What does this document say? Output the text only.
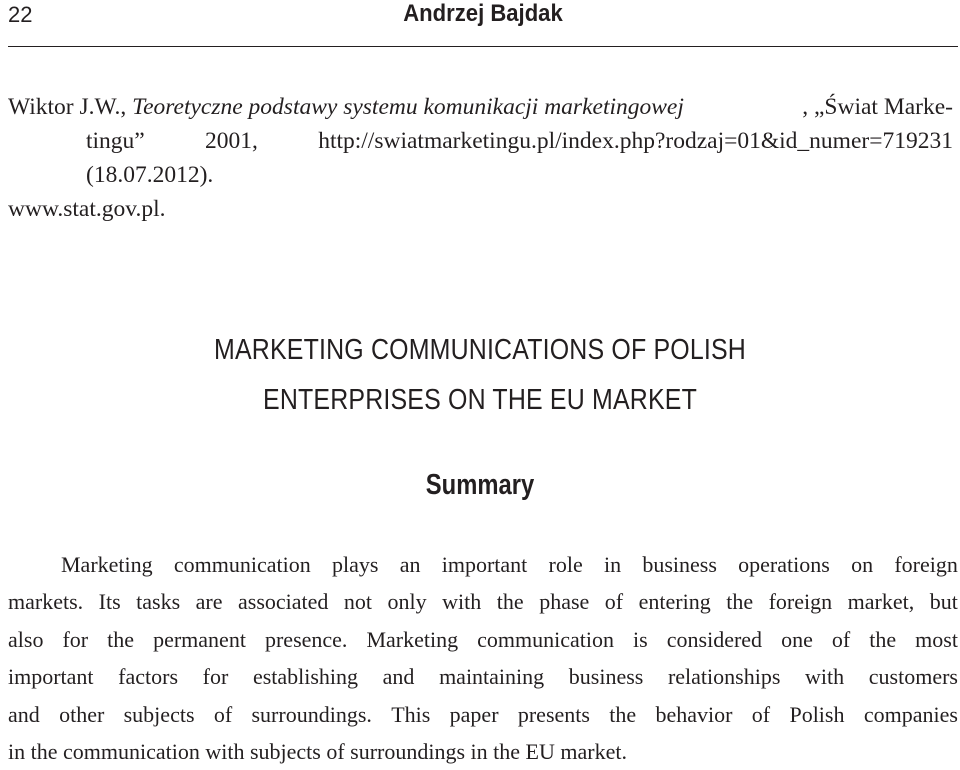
22	Andrzej Bajdak
Wiktor J.W., Teoretyczne podstawy systemu komunikacji marketingowej	, „Świat Marke-
tingu”	2001,	http://swiatmarketingu.pl/index.php?rodzaj=01&id_numer=719231
(18.07.2012).
www.stat.gov.pl.
MARKETING COMMUNICATIONS OF POLISH
ENTERPRISES ON THE EU MARKET
Summary
Marketing communication plays an important role in business operations on foreign
markets. Its tasks are associated not only with the phase of entering the foreign market, but
also for the permanent presence. Marketing communication is considered one of the most
important factors for establishing and maintaining business relationships with customers
and other subjects of surroundings. This paper presents the behavior of Polish companies
in the communication with subjects of surroundings in the EU market.
